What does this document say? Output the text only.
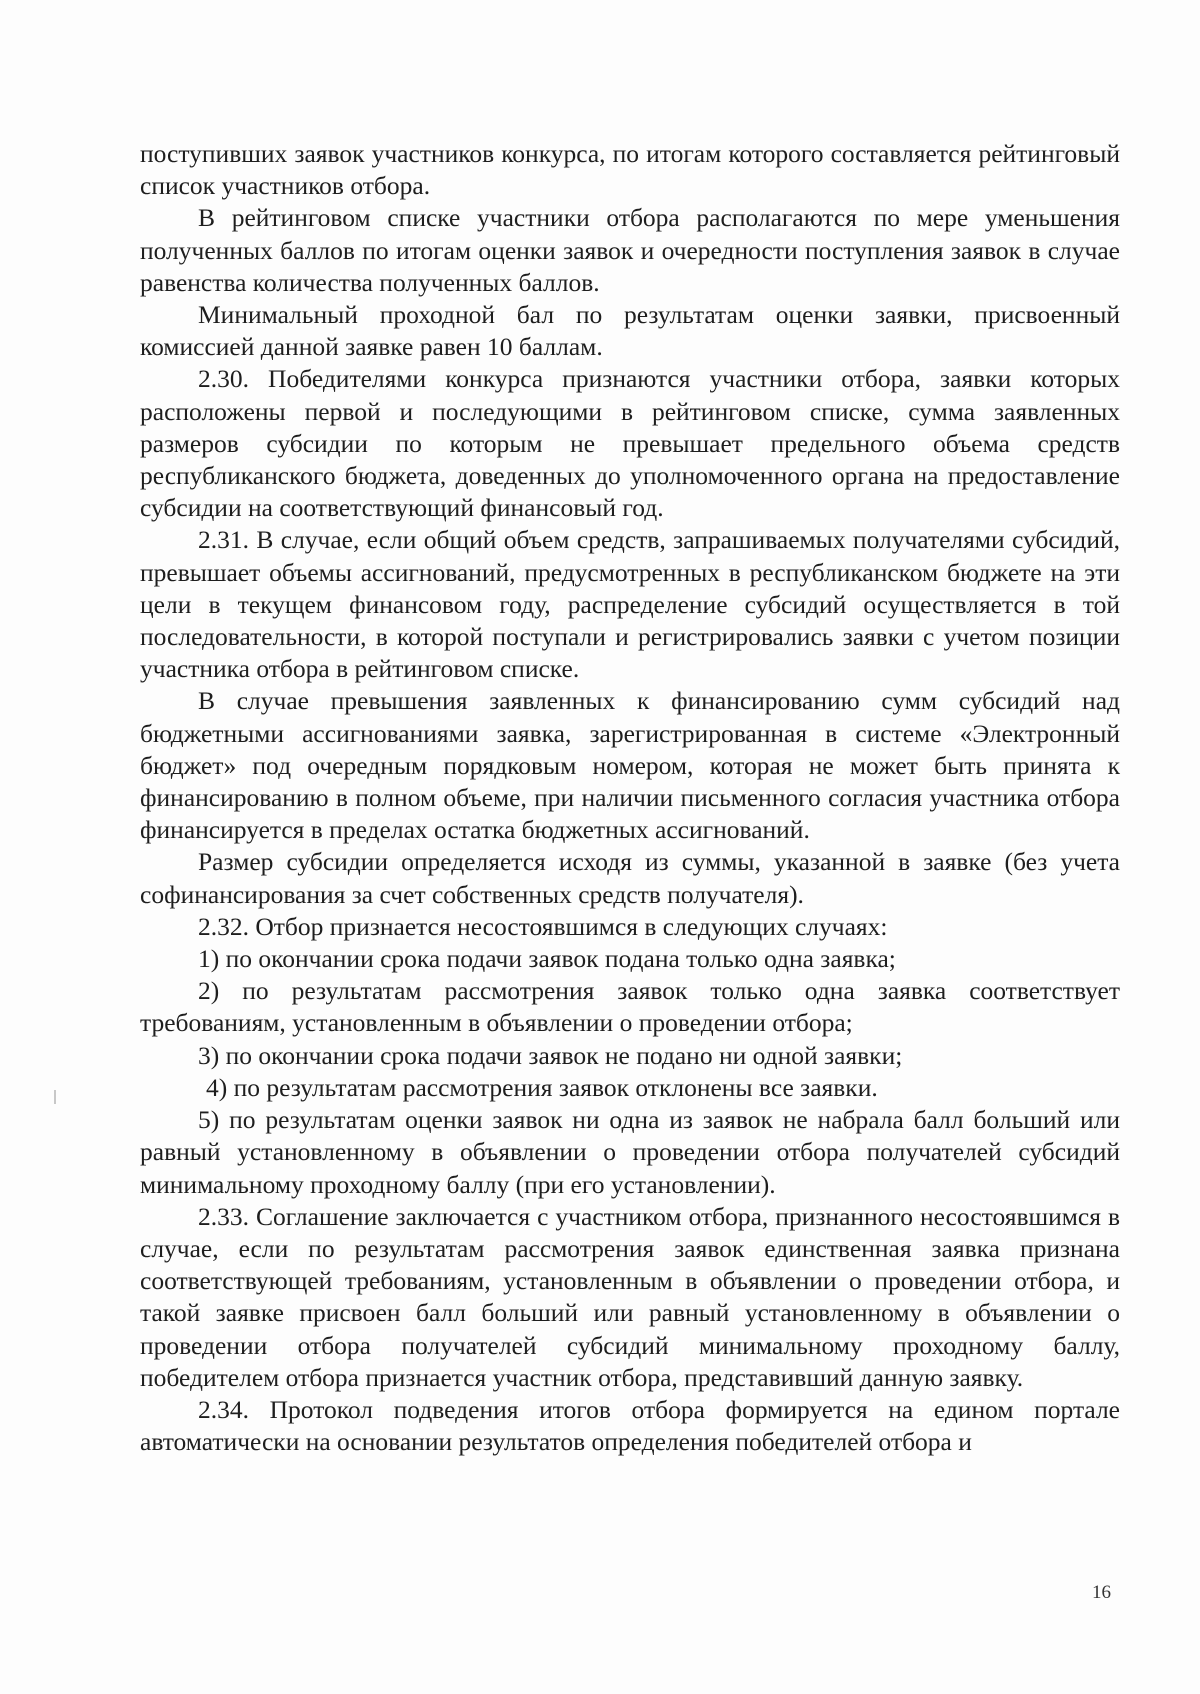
поступивших заявок участников конкурса, по итогам которого составляется рейтинговый список участников отбора.

В рейтинговом списке участники отбора располагаются по мере уменьшения полученных баллов по итогам оценки заявок и очередности поступления заявок в случае равенства количества полученных баллов.

Минимальный проходной бал по результатам оценки заявки, присвоенный комиссией данной заявке равен 10 баллам.

2.30. Победителями конкурса признаются участники отбора, заявки которых расположены первой и последующими в рейтинговом списке, сумма заявленных размеров субсидии по которым не превышает предельного объема средств республиканского бюджета, доведенных до уполномоченного органа на предоставление субсидии на соответствующий финансовый год.

2.31. В случае, если общий объем средств, запрашиваемых получателями субсидий, превышает объемы ассигнований, предусмотренных в республиканском бюджете на эти цели в текущем финансовом году, распределение субсидий осуществляется в той последовательности, в которой поступали и регистрировались заявки с учетом позиции участника отбора в рейтинговом списке.

В случае превышения заявленных к финансированию сумм субсидий над бюджетными ассигнованиями заявка, зарегистрированная в системе «Электронный бюджет» под очередным порядковым номером, которая не может быть принята к финансированию в полном объеме, при наличии письменного согласия участника отбора финансируется в пределах остатка бюджетных ассигнований.

Размер субсидии определяется исходя из суммы, указанной в заявке (без учета софинансирования за счет собственных средств получателя).

2.32. Отбор признается несостоявшимся в следующих случаях:

1) по окончании срока подачи заявок подана только одна заявка;

2) по результатам рассмотрения заявок только одна заявка соответствует требованиям, установленным в объявлении о проведении отбора;

3) по окончании срока подачи заявок не подано ни одной заявки;

4) по результатам рассмотрения заявок отклонены все заявки.

5) по результатам оценки заявок ни одна из заявок не набрала балл больший или равный установленному в объявлении о проведении отбора получателей субсидий минимальному проходному баллу (при его установлении).

2.33. Соглашение заключается с участником отбора, признанного несостоявшимся в случае, если по результатам рассмотрения заявок единственная заявка признана соответствующей требованиям, установленным в объявлении о проведении отбора, и такой заявке присвоен балл больший или равный установленному в объявлении о проведении отбора получателей субсидий минимальному проходному баллу, победителем отбора признается участник отбора, представивший данную заявку.

2.34. Протокол подведения итогов отбора формируется на едином портале автоматически на основании результатов определения победителей отбора и

16
